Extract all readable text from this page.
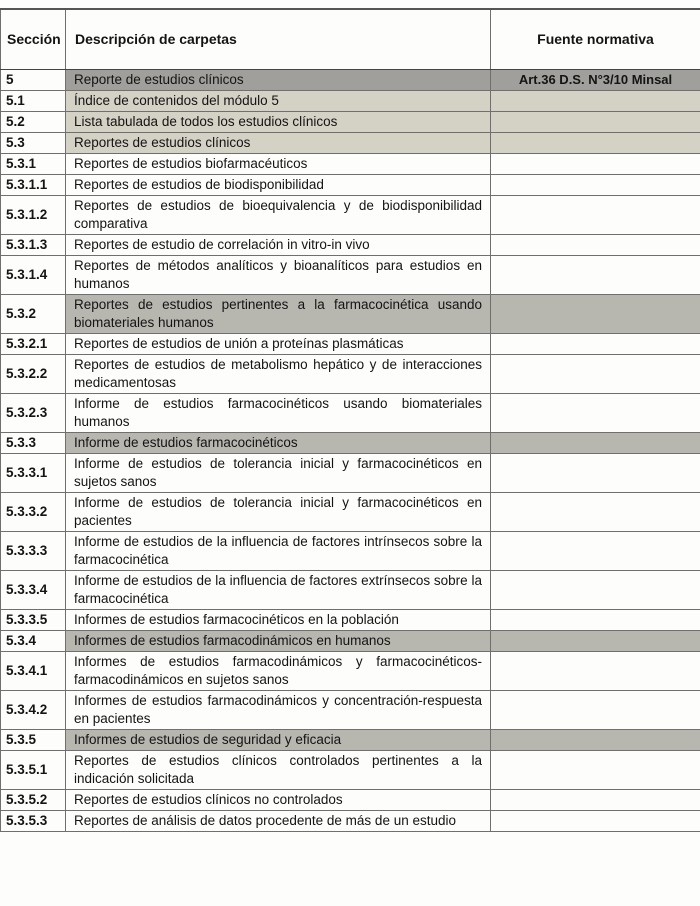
Sección	Descripción de carpetas	Fuente normativa
5	Reporte de estudios clínicos	Art.36 D.S. N°3/10 Minsal
5.1	Índice de contenidos del módulo 5	
5.2	Lista tabulada de todos los estudios clínicos	
5.3	Reportes de estudios clínicos	
5.3.1	Reportes de estudios biofarmacéuticos	
5.3.1.1	Reportes de estudios de biodisponibilidad	
5.3.1.2	Reportes de estudios de bioequivalencia y de biodisponibilidad comparativa	
5.3.1.3	Reportes de estudio de correlación in vitro-in vivo	
5.3.1.4	Reportes de métodos analíticos y bioanalíticos para estudios en humanos	
5.3.2	Reportes de estudios pertinentes a la farmacocinética usando biomateriales humanos	
5.3.2.1	Reportes de estudios de unión a proteínas plasmáticas	
5.3.2.2	Reportes de estudios de metabolismo hepático y de interacciones medicamentosas	
5.3.2.3	Informe de estudios farmacocinéticos usando biomateriales humanos	
5.3.3	Informe de estudios farmacocinéticos	
5.3.3.1	Informe de estudios de tolerancia inicial y farmacocinéticos en sujetos sanos	
5.3.3.2	Informe de estudios de tolerancia inicial y farmacocinéticos en pacientes	
5.3.3.3	Informe de estudios de la influencia de factores intrínsecos sobre la farmacocinética	
5.3.3.4	Informe de estudios de la influencia de factores extrínsecos sobre la farmacocinética	
5.3.3.5	Informes de estudios farmacocinéticos en la población	
5.3.4	Informes de estudios farmacodinámicos en humanos	
5.3.4.1	Informes de estudios farmacodinámicos y farmacocinéticos-farmacodinámicos en sujetos sanos	
5.3.4.2	Informes de estudios farmacodinámicos y concentración-respuesta en pacientes	
5.3.5	Informes de estudios de seguridad y eficacia	
5.3.5.1	Reportes de estudios clínicos controlados pertinentes a la indicación solicitada	
5.3.5.2	Reportes de estudios clínicos no controlados	
5.3.5.3	Reportes de análisis de datos procedente de más de un estudio	
